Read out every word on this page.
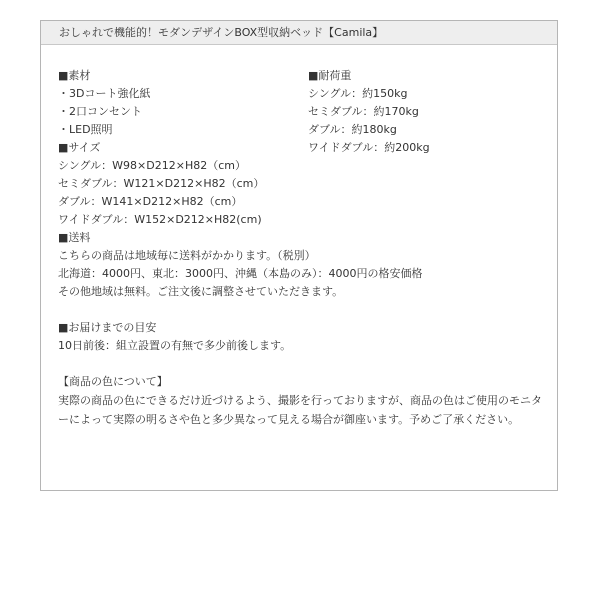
おしゃれで機能的！モダンデザインBOX型収納ベッド【Camila】
■素材
・3Dコート強化紙
・2口コンセント
・LED照明
■耐荷重
シングル：約150kg
セミダブル：約170kg
ダブル：約180kg
ワイドダブル：約200kg
■サイズ
シングル：W98×D212×H82（cm）
セミダブル：W121×D212×H82（cm）
ダブル：W141×D212×H82（cm）
ワイドダブル：W152×D212×H82(cm)
■送料
こちらの商品は地域毎に送料がかかります。（税別）
北海道：4000円、東北：3000円、沖縄（本島のみ）：4000円の格安価格
その他地域は無料。ご注文後に調整させていただきます。
■お届けまでの目安
10日前後：組立設置の有無で多少前後します。
【商品の色について】
実際の商品の色にできるだけ近づけるよう、撮影を行っておりますが、商品の色はご使用のモニターによって実際の明るさや色と多少異なって見える場合が御座います。予めご了承ください。
